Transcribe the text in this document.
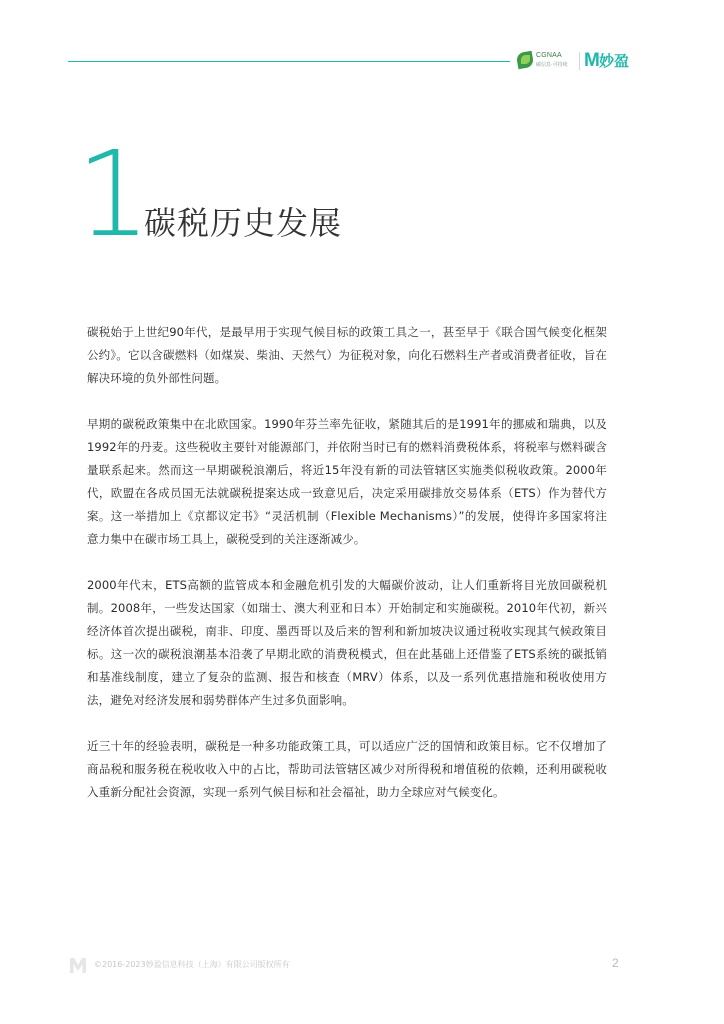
CGNAA
碳信息·可持续 M 妙盈
1
碳税历史发展

碳税始于上世纪90年代，是最早用于实现气候目标的政策工具之一，甚至早于《联合国气候变化框架公约》。它以含碳燃料（如煤炭、柴油、天然气）为征税对象，向化石燃料生产者或消费者征收，旨在解决环境的负外部性问题。

早期的碳税政策集中在北欧国家。1990年芬兰率先征收，紧随其后的是1991年的挪威和瑞典，以及1992年的丹麦。这些税收主要针对能源部门，并依附当时已有的燃料消费税体系，将税率与燃料碳含量联系起来。然而这一早期碳税浪潮后，将近15年没有新的司法管辖区实施类似税收政策。2000年代，欧盟在各成员国无法就碳税提案达成一致意见后，决定采用碳排放交易体系（ETS）作为替代方案。这一举措加上《京都议定书》“灵活机制（Flexible Mechanisms）”的发展，使得许多国家将注意力集中在碳市场工具上，碳税受到的关注逐渐减少。

2000年代末，ETS高额的监管成本和金融危机引发的大幅碳价波动，让人们重新将目光放回碳税机制。2008年，一些发达国家（如瑞士、澳大利亚和日本）开始制定和实施碳税。2010年代初，新兴经济体首次提出碳税，南非、印度、墨西哥以及后来的智利和新加坡决议通过税收实现其气候政策目标。这一次的碳税浪潮基本沿袭了早期北欧的消费税模式，但在此基础上还借鉴了ETS系统的碳抵销和基准线制度，建立了复杂的监测、报告和核查（MRV）体系，以及一系列优惠措施和税收使用方法，避免对经济发展和弱势群体产生过多负面影响。

近三十年的经验表明，碳税是一种多功能政策工具，可以适应广泛的国情和政策目标。它不仅增加了商品税和服务税在税收收入中的占比，帮助司法管辖区减少对所得税和增值税的依赖，还利用碳税收入重新分配社会资源，实现一系列气候目标和社会福祉，助力全球应对气候变化。

©2016-2023妙盈信息科技（上海）有限公司版权所有	2
